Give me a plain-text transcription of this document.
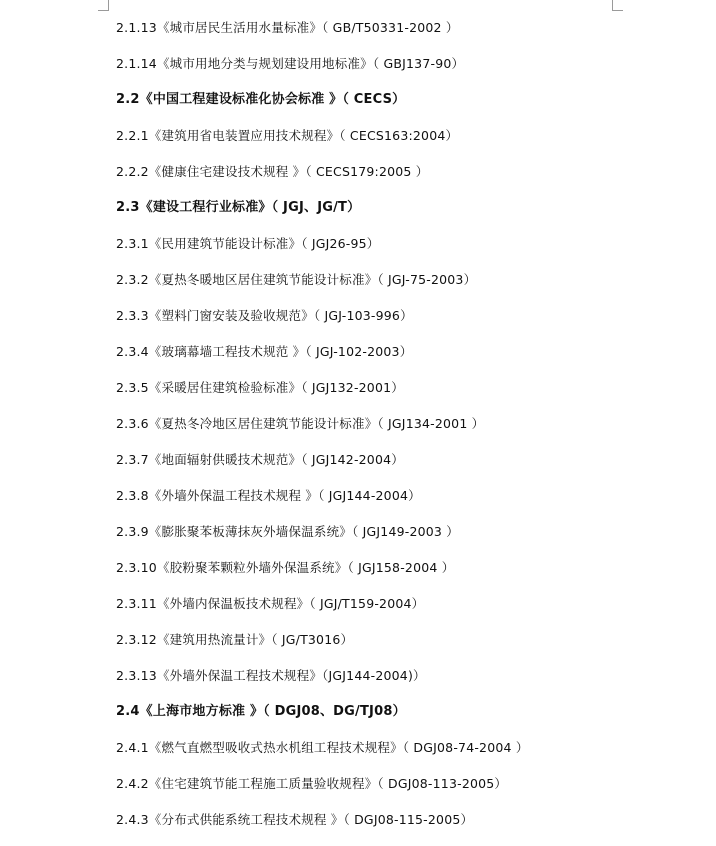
2.1.13《城市居民生活用水量标准》（ GB/T50331-2002 ）
2.1.14《城市用地分类与规划建设用地标准》（ GBJ137-90）
2.2《中国工程建设标准化协会标准 》（ CECS）
2.2.1《建筑用省电装置应用技术规程》（ CECS163:2004）
2.2.2《健康住宅建设技术规程 》（ CECS179:2005 ）
2.3《建设工程行业标准》（ JGJ、JG/T）
2.3.1《民用建筑节能设计标准》（ JGJ26-95）
2.3.2《夏热冬暖地区居住建筑节能设计标准》（ JGJ-75-2003）
2.3.3《塑料门窗安装及验收规范》（ JGJ-103-996）
2.3.4《玻璃幕墙工程技术规范 》（ JGJ-102-2003）
2.3.5《采暖居住建筑检验标准》（ JGJ132-2001）
2.3.6《夏热冬冷地区居住建筑节能设计标准》（ JGJ134-2001 ）
2.3.7《地面辐射供暖技术规范》（ JGJ142-2004）
2.3.8《外墙外保温工程技术规程 》（ JGJ144-2004）
2.3.9《膨胀聚苯板薄抹灰外墙保温系统》（ JGJ149-2003 ）
2.3.10《胶粉聚苯颗粒外墙外保温系统》（ JGJ158-2004 ）
2.3.11《外墙内保温板技术规程》（ JGJ/T159-2004）
2.3.12《建筑用热流量计》（ JG/T3016）
2.3.13《外墙外保温工程技术规程》（JGJ144-2004)）
2.4《上海市地方标准 》（ DGJ08、DG/TJ08）
2.4.1《燃气直燃型吸收式热水机组工程技术规程》（ DGJ08-74-2004 ）
2.4.2《住宅建筑节能工程施工质量验收规程》（ DGJ08-113-2005）
2.4.3《分布式供能系统工程技术规程 》（ DGJ08-115-2005）
